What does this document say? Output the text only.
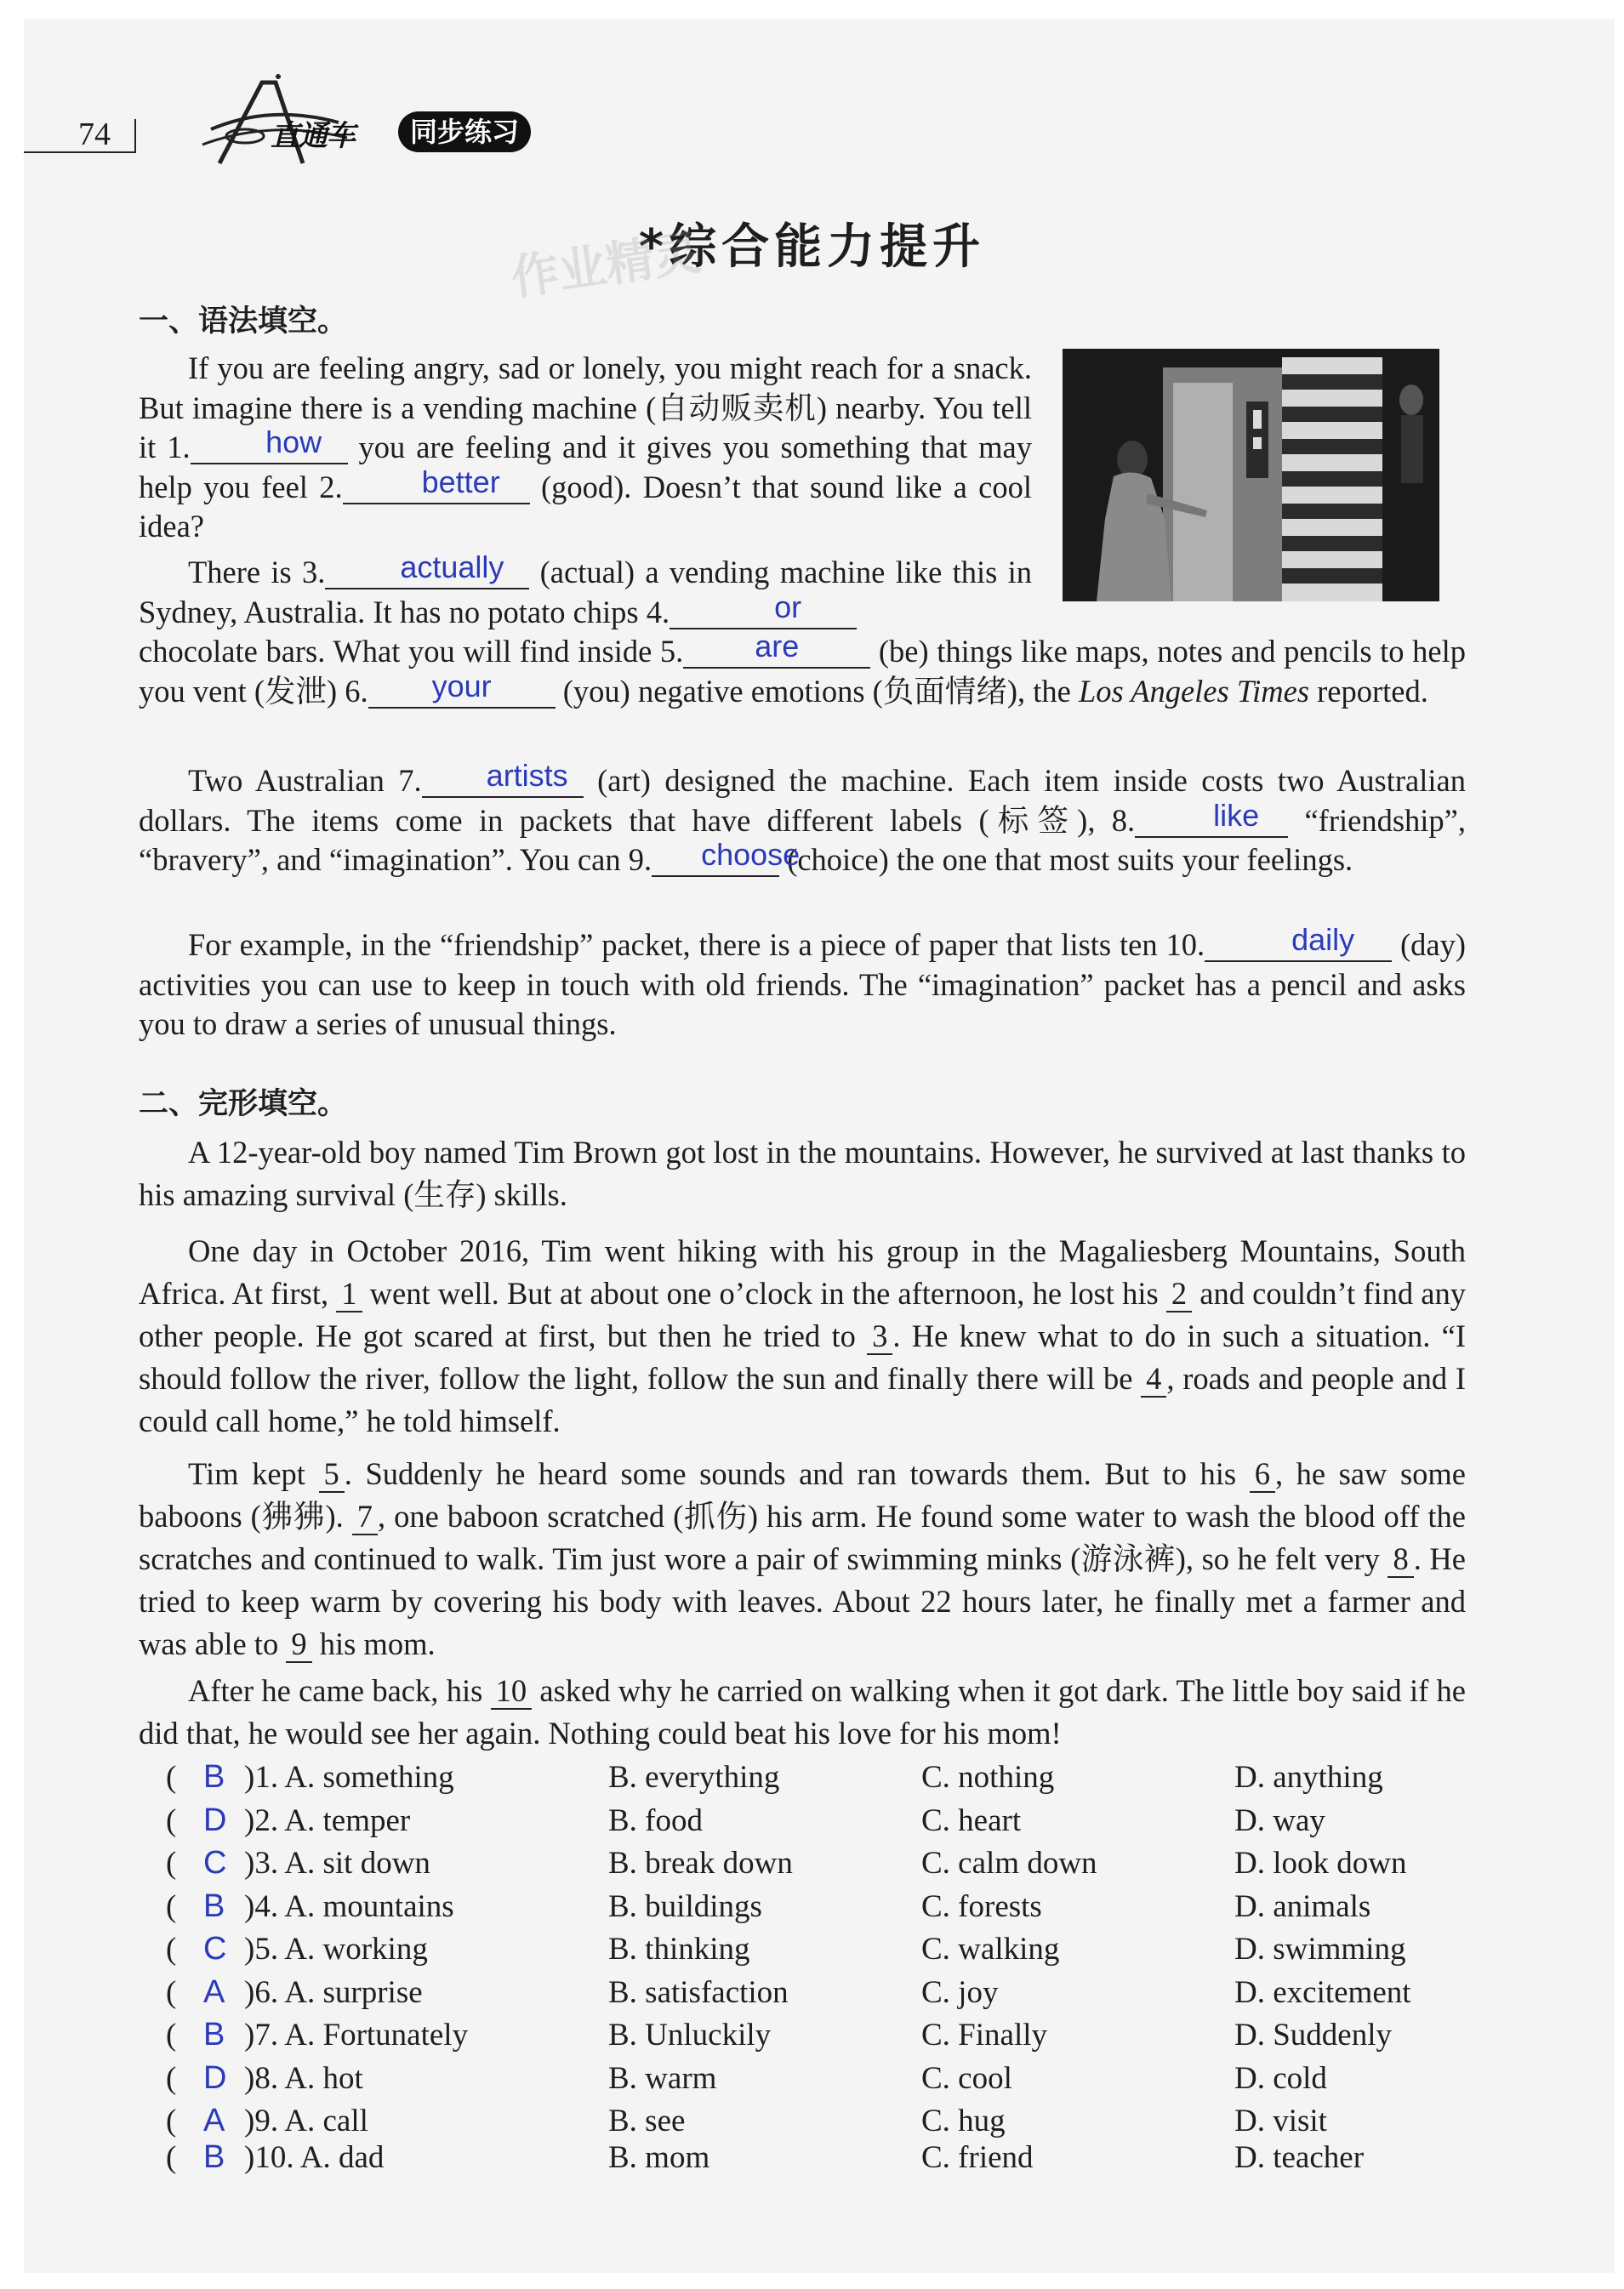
74	直通车	同步练习
*综合能力提升
作业精灵
一、语法填空。

If you are feeling angry, sad or lonely, you might reach for a snack. But imagine there is a vending machine (自动贩卖机) nearby. You tell it 1. how you are feeling and it gives you something that may help you feel 2.	better (good). Doesn’t that sound like a cool idea?

There is 3. actually (actual) a vending machine like this in Sydney, Australia. It has no potato chips 4.	or

chocolate bars. What you will find inside 5. are (be) things like maps, notes and pencils to help you vent (发泄) 6. your (you) negative emotions (负面情绪), the Los Angeles Times reported.

Two Australian 7. artists (art) designed the machine. Each item inside costs two Australian dollars. The items come in packets that have different labels (标签), 8.	like “friendship”, “bravery”, and “imagination”. You can 9. choose (choice) the one that most suits your feelings.

For example, in the “friendship” packet, there is a piece of paper that lists ten 10.	daily (day) activities you can use to keep in touch with old friends. The “imagination” packet has a pencil and asks you to draw a series of unusual things.

二、完形填空。

A 12-year-old boy named Tim Brown got lost in the mountains. However, he survived at last thanks to his amazing survival (生存) skills.

One day in October 2016, Tim went hiking with his group in the Magaliesberg Mountains, South Africa. At first, 1 went well. But at about one o’clock in the afternoon, he lost his 2 and couldn’t find any other people. He got scared at first, but then he tried to 3 . He knew what to do in such a situation. “I should follow the river, follow the light, follow the sun and finally there will be 4 , roads and people and I could call home,” he told himself.

Tim kept 5 . Suddenly he heard some sounds and ran towards them. But to his 6 , he saw some baboons (狒狒). 7 , one baboon scratched (抓伤) his arm. He found some water to wash the blood off the scratches and continued to walk. Tim just wore a pair of swimming minks (游泳裤), so he felt very 8 . He tried to keep warm by covering his body with leaves. About 22 hours later, he finally met a farmer and was able to 9 his mom.

After he came back, his 10 asked why he carried on walking when it got dark. The little boy said if he did that, he would see her again. Nothing could beat his love for his mom!

( B ) 1. A. something	B. everything	C. nothing	D. anything
( D ) 2. A. temper	B. food	C. heart	D. way
( C ) 3. A. sit down	B. break down	C. calm down	D. look down
( B ) 4. A. mountains	B. buildings	C. forests	D. animals
( C ) 5. A. working	B. thinking	C. walking	D. swimming
( A ) 6. A. surprise	B. satisfaction	C. joy	D. excitement
( B ) 7. A. Fortunately	B. Unluckily	C. Finally	D. Suddenly
( D ) 8. A. hot	B. warm	C. cool	D. cold
( A ) 9. A. call	B. see	C. hug	D. visit
( B ) 10. A. dad	B. mom	C. friend	D. teacher
